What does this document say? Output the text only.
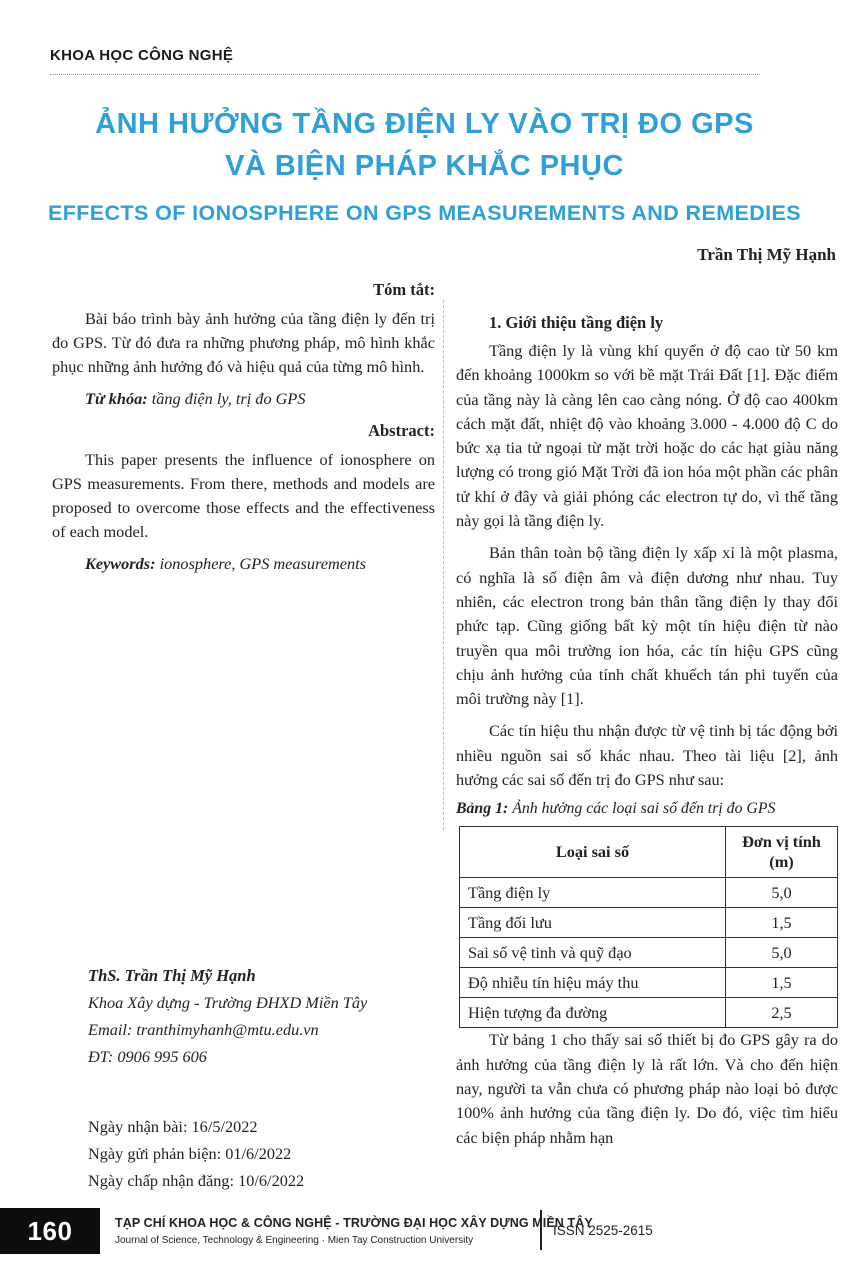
KHOA HỌC CÔNG NGHỆ
ẢNH HƯỞNG TẦNG ĐIỆN LY VÀO TRỊ ĐO GPS
VÀ BIỆN PHÁP KHẮC PHỤC
EFFECTS OF IONOSPHERE ON GPS MEASUREMENTS AND REMEDIES
Trần Thị Mỹ Hạnh
Tóm tắt:

Bài báo trình bày ảnh hưởng của tầng điện ly đến trị đo GPS. Từ đó đưa ra những phương pháp, mô hình khắc phục những ảnh hưởng đó và hiệu quả của từng mô hình.

Từ khóa: tầng điện ly, trị đo GPS

Abstract:

This paper presents the influence of ionosphere on GPS measurements. From there, methods and models are proposed to overcome those effects and the effectiveness of each model.

Keywords: ionosphere, GPS measurements

ThS. Trần Thị Mỹ Hạnh
Khoa Xây dựng - Trường ĐHXD Miền Tây
Email: tranthimyhanh@mtu.edu.vn
ĐT: 0906 995 606
Ngày nhận bài: 16/5/2022
Ngày gửi phản biện: 01/6/2022
Ngày chấp nhận đăng: 10/6/2022
1. Giới thiệu tầng điện ly

Tầng điện ly là vùng khí quyển ở độ cao từ 50 km đến khoảng 1000km so với bề mặt Trái Đất [1]. Đặc điểm của tầng này là càng lên cao càng nóng. Ở độ cao 400km cách mặt đất, nhiệt độ vào khoảng 3.000 - 4.000 độ C do bức xạ tia tử ngoại từ mặt trời hoặc do các hạt giàu năng lượng có trong gió Mặt Trời đã ion hóa một phần các phân tử khí ở đây và giải phóng các electron tự do, vì thế tầng này gọi là tầng điện ly.

Bản thân toàn bộ tầng điện ly xấp xỉ là một plasma, có nghĩa là số điện âm và điện dương như nhau. Tuy nhiên, các electron trong bản thân tầng điện ly thay đổi phức tạp. Cũng giống bất kỳ một tín hiệu điện từ nào truyền qua môi trường ion hóa, các tín hiệu GPS cũng chịu ảnh hưởng của tính chất khuếch tán phi tuyến của môi trường này [1].

Các tín hiệu thu nhận được từ vệ tinh bị tác động bởi nhiều nguồn sai số khác nhau. Theo tài liệu [2], ảnh hưởng các sai số đến trị đo GPS như sau:

Bảng 1: Ảnh hưởng các loại sai số đến trị đo GPS
Loại sai số	Đơn vị tính (m)
Tầng điện ly	5,0
Tầng đối lưu	1,5
Sai số vệ tinh và quỹ đạo	5,0
Độ nhiễu tín hiệu máy thu	1,5
Hiện tượng đa đường	2,5

Từ bảng 1 cho thấy sai số thiết bị đo GPS gây ra do ảnh hưởng của tầng điện ly là rất lớn. Và cho đến hiện nay, người ta vẫn chưa có phương pháp nào loại bỏ được 100% ảnh hưởng của tầng điện ly. Do đó, việc tìm hiểu các biện pháp nhằm hạn

160	TẠP CHÍ KHOA HỌC & CÔNG NGHỆ - TRƯỜNG ĐẠI HỌC XÂY DỰNG MIỀN TÂY
Journal of Science, Technology & Engineering · Mien Tay Construction University
ISSN 2525-2615
